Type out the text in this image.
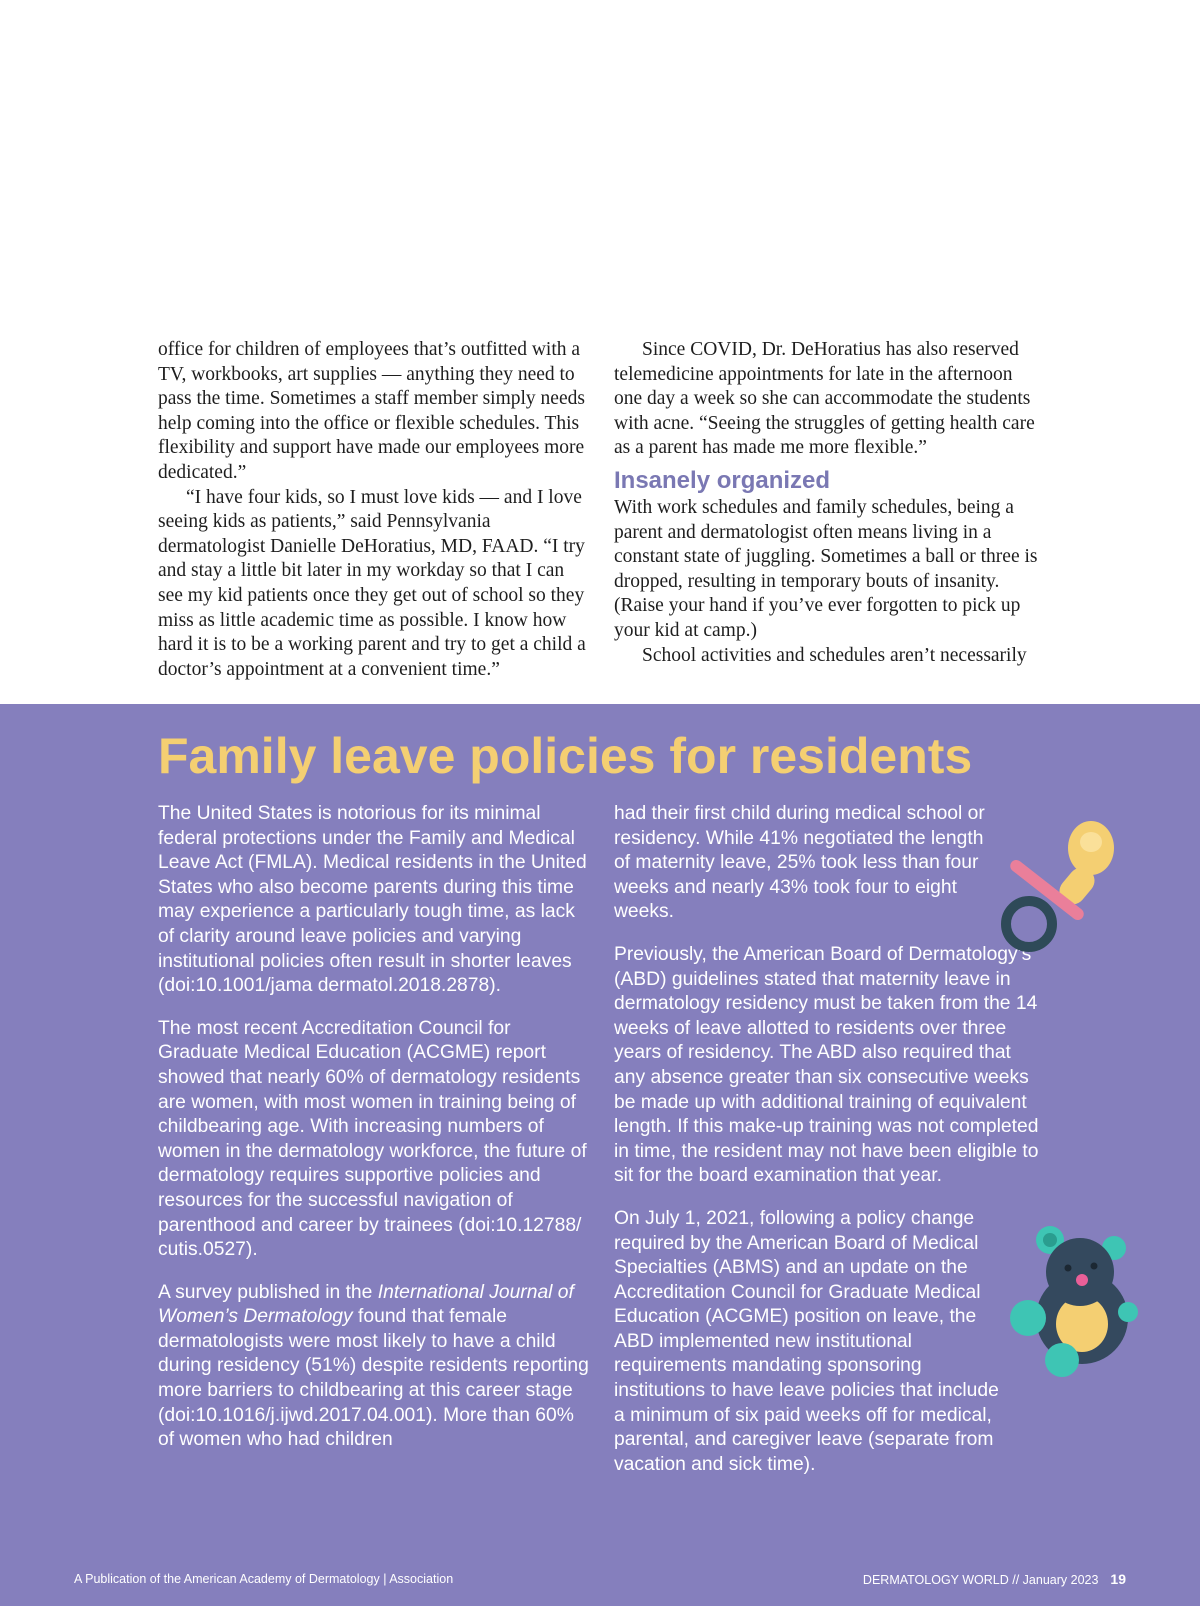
office for children of employees that’s outfitted with a TV, workbooks, art supplies — anything they need to pass the time. Sometimes a staff member simply needs help coming into the office or flexible schedules. This flexibility and support have made our employees more dedicated.”

“I have four kids, so I must love kids — and I love seeing kids as patients,” said Pennsylvania dermatologist Danielle DeHoratius, MD, FAAD. “I try and stay a little bit later in my workday so that I can see my kid patients once they get out of school so they miss as little academic time as possible. I know how hard it is to be a working parent and try to get a child a doctor’s appointment at a convenient time.”

Since COVID, Dr. DeHoratius has also reserved telemedicine appointments for late in the afternoon one day a week so she can accommodate the students with acne. “Seeing the struggles of getting health care as a parent has made me more flexible.”

Insanely organized

With work schedules and family schedules, being a parent and dermatologist often means living in a constant state of juggling. Sometimes a ball or three is dropped, resulting in temporary bouts of insanity. (Raise your hand if you’ve ever forgotten to pick up your kid at camp.)

School activities and schedules aren’t necessarily

Family leave policies for residents

The United States is notorious for its minimal federal protections under the Family and Medical Leave Act (FMLA). Medical residents in the United States who also become parents during this time may experience a particularly tough time, as lack of clarity around leave policies and varying institutional policies often result in shorter leaves (doi:10.1001/jama dermatol.2018.2878).

The most recent Accreditation Council for Graduate Medical Education (ACGME) report showed that nearly 60% of dermatology residents are women, with most women in training being of childbearing age. With increasing numbers of women in the dermatology workforce, the future of dermatology requires supportive policies and resources for the successful navigation of parenthood and career by trainees (doi:10.12788/ cutis.0527).

A survey published in the International Journal of Women’s Dermatology found that female dermatologists were most likely to have a child during residency (51%) despite residents reporting more barriers to childbearing at this career stage (doi:10.1016/j.ijwd.2017.04.001). More than 60% of women who had children

had their first child during medical school or residency. While 41% negotiated the length of maternity leave, 25% took less than four weeks and nearly 43% took four to eight weeks.

Previously, the American Board of Dermatology’s (ABD) guidelines stated that maternity leave in dermatology residency must be taken from the 14 weeks of leave allotted to residents over three years of residency. The ABD also required that any absence greater than six consecutive weeks be made up with additional training of equivalent length. If this make-up training was not completed in time, the resident may not have been eligible to sit for the board examination that year.

On July 1, 2021, following a policy change required by the American Board of Medical Specialties (ABMS) and an update on the Accreditation Council for Graduate Medical Education (ACGME) position on leave, the ABD implemented new institutional requirements mandating sponsoring institutions to have leave policies that include a minimum of six paid weeks off for medical, parental, and caregiver leave (separate from vacation and sick time).

A Publication of the American Academy of Dermatology | Association	DERMATOLOGY WORLD // January 2023 19
